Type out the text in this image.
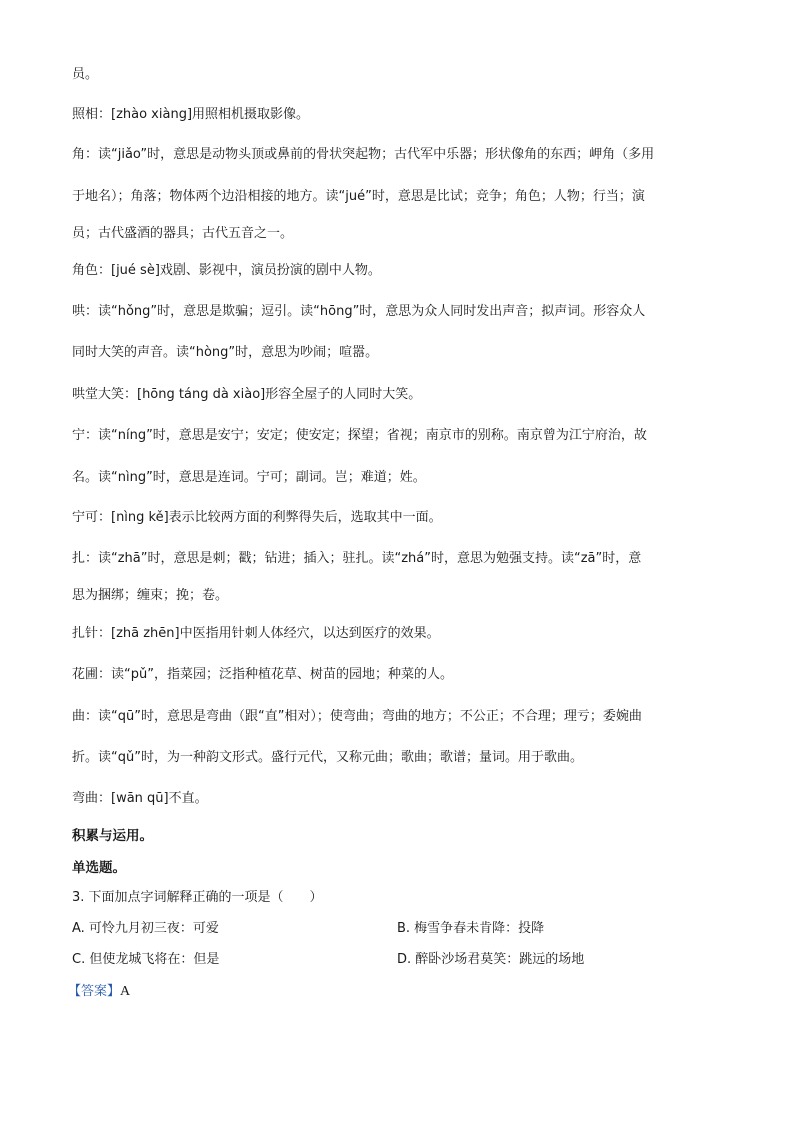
员。
照相：[zhào xiàng]用照相机摄取影像。
角：读“jiǎo”时，意思是动物头顶或鼻前的骨状突起物；古代军中乐器；形状像角的东西；岬角（多用
于地名）；角落；物体两个边沿相接的地方。读“jué”时，意思是比试；竞争；角色；人物；行当；演
员；古代盛酒的器具；古代五音之一。
角色：[jué sè]戏剧、影视中，演员扮演的剧中人物。
哄：读“hǒng”时，意思是欺骗；逗引。读“hōng”时，意思为众人同时发出声音；拟声词。形容众人
同时大笑的声音。读“hòng”时，意思为吵闹；喧嚣。
哄堂大笑：[hōng táng dà xiào]形容全屋子的人同时大笑。
宁：读“níng”时，意思是安宁；安定；使安定；探望；省视；南京市的别称。南京曾为江宁府治，故
名。读“nìng”时，意思是连词。宁可；副词。岂；难道；姓。
宁可：[nìng kě]表示比较两方面的利弊得失后，选取其中一面。
扎：读“zhā”时，意思是刺；戳；钻进；插入；驻扎。读“zhá”时，意思为勉强支持。读“zā”时，意
思为捆绑；缠束；挽；卷。
扎针：[zhā zhēn]中医指用针刺人体经穴，以达到医疗的效果。
花圃：读“pǔ”，指菜园；泛指种植花草、树苗的园地；种菜的人。
曲：读“qū”时，意思是弯曲（跟“直”相对）；使弯曲；弯曲的地方；不公正；不合理；理亏；委婉曲
折。读“qǔ”时，为一种韵文形式。盛行元代，又称元曲；歌曲；歌谱；量词。用于歌曲。
弯曲：[wān qū]不直。
积累与运用。
单选题。
3. 下面加点字词解释正确的一项是（　　）
A. 可怜九月初三夜：可爱	B. 梅雪争春未肯降：投降
C. 但使龙城飞将在：但是	D. 醉卧沙场君莫笑：跳远的场地
【答案】A
